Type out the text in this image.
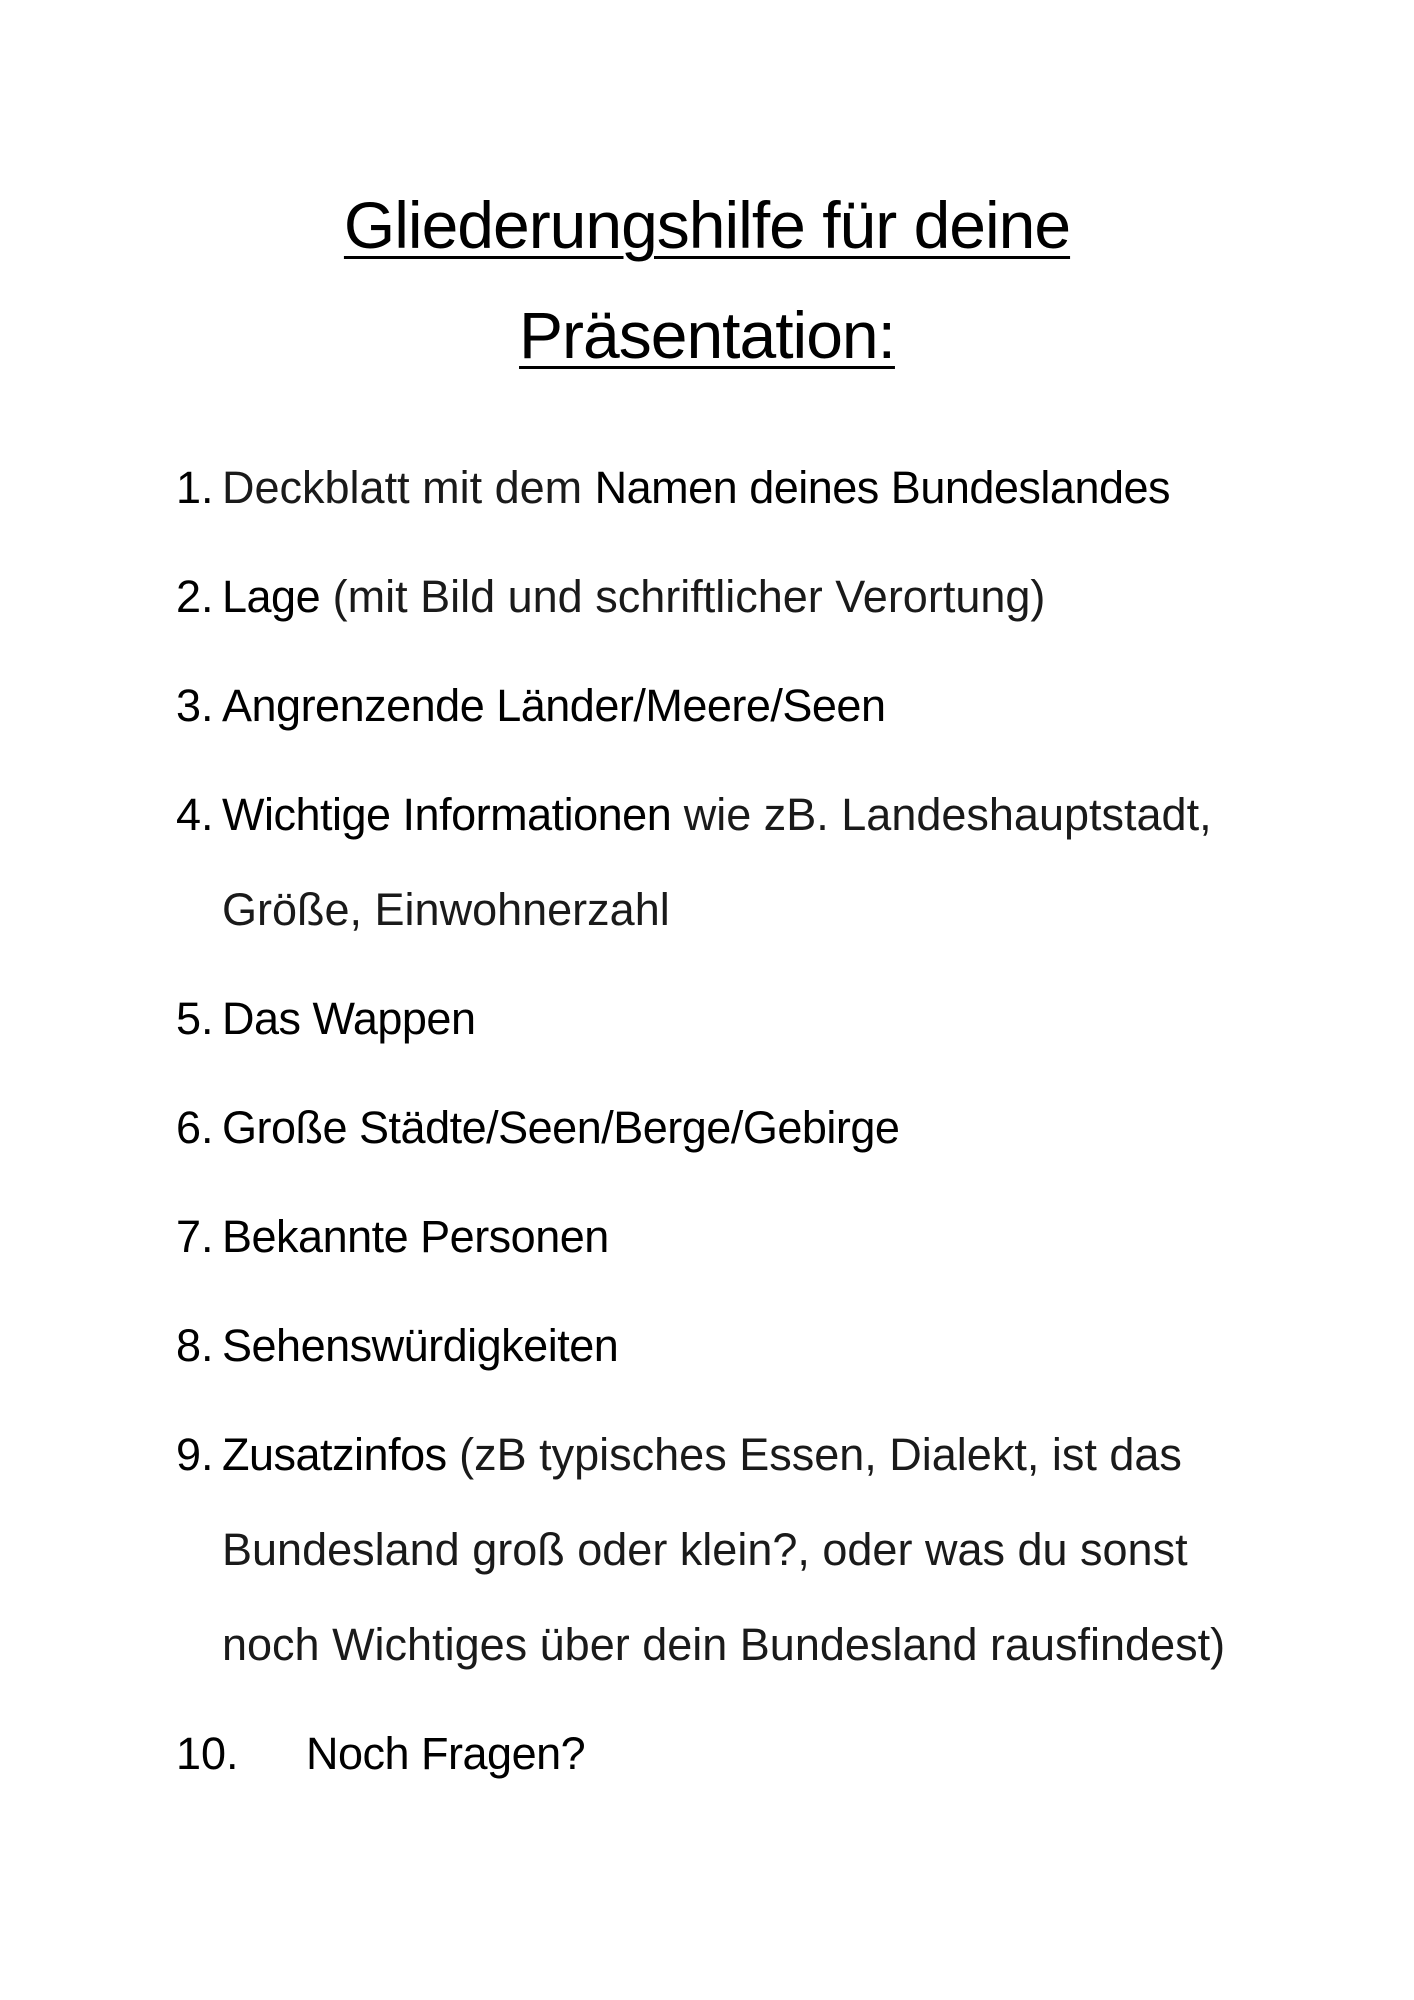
Gliederungshilfe für deine
Präsentation:
1. Deckblatt mit dem Namen deines Bundeslandes
2. Lage (mit Bild und schriftlicher Verortung)
3. Angrenzende Länder/Meere/Seen
4. Wichtige Informationen wie zB. Landeshauptstadt,
Größe, Einwohnerzahl
5. Das Wappen
6. Große Städte/Seen/Berge/Gebirge
7. Bekannte Personen
8. Sehenswürdigkeiten
9. Zusatzinfos (zB typisches Essen, Dialekt, ist das
Bundesland groß oder klein?, oder was du sonst
noch Wichtiges über dein Bundesland rausfindest)
10. Noch Fragen?
